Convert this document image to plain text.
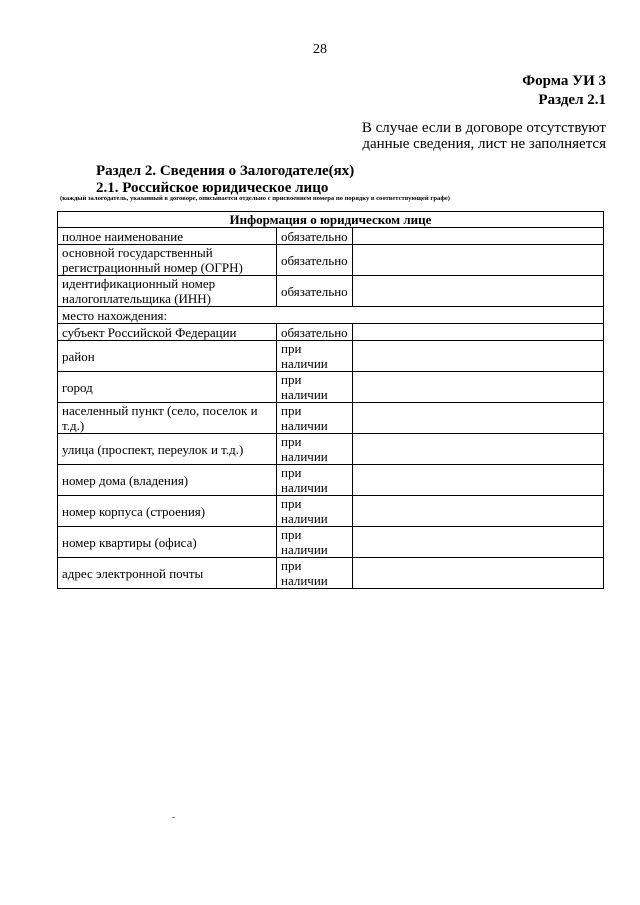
28
Форма УИ 3
Раздел 2.1
В случае если в договоре отсутствуют
данные сведения, лист не заполняется
Раздел 2. Сведения о Залогодателе(ях)
2.1. Российское юридическое лицо
(каждый залогодатель, указанный в договоре, описывается отдельно с присвоением номера по порядку в соответствующей графе)
Информация о юридическом лице		
полное наименование	обязательно	
основной государственный регистрационный номер (ОГРН)	обязательно	
идентификационный номер налогоплательщика (ИНН)	обязательно	
место нахождения:		
субъект Российской Федерации	обязательно	
район	при наличии	
город	при наличии	
населенный пункт (село, поселок и т.д.)	при наличии	
улица (проспект, переулок и т.д.)	при наличии	
номер дома (владения)	при наличии	
номер корпуса (строения)	при наличии	
номер квартиры (офиса)	при наличии	
адрес электронной почты	при наличии	
